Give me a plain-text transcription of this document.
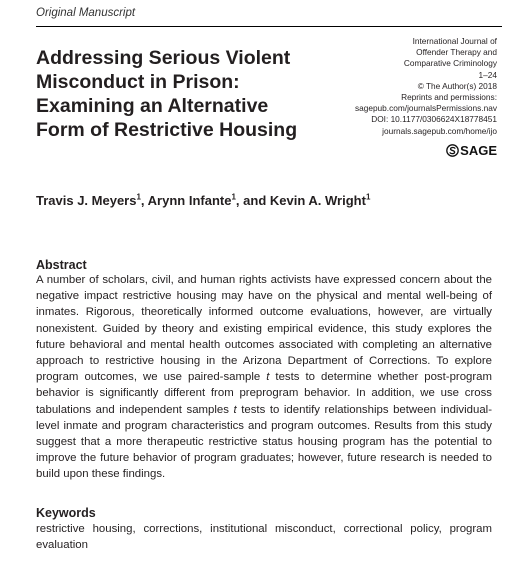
Original Manuscript
Addressing Serious Violent
Misconduct in Prison:
Examining an Alternative
Form of Restrictive Housing
International Journal of
Offender Therapy and
Comparative Criminology
1–24
© The Author(s) 2018
Reprints and permissions:
sagepub.com/journalsPermissions.nav
DOI: 10.1177/0306624X18778451
journals.sagepub.com/home/ijo
SAGE
Travis J. Meyers$^1$, Arynn Infante$^1$, and Kevin A. Wright$^1$
Abstract
A number of scholars, civil, and human rights activists have expressed concern about the negative impact restrictive housing may have on the physical and mental well-being of inmates. Rigorous, theoretically informed outcome evaluations, however, are virtually nonexistent. Guided by theory and existing empirical evidence, this study explores the future behavioral and mental health outcomes associated with completing an alternative approach to restrictive housing in the Arizona Department of Corrections. To explore program outcomes, we use paired-sample t tests to determine whether post-program behavior is significantly different from preprogram behavior. In addition, we use cross tabulations and independent samples t tests to identify relationships between individual-level inmate and program characteristics and program outcomes. Results from this study suggest that a more therapeutic restrictive status housing program has the potential to improve the future behavior of program graduates; however, future research is needed to build upon these findings.
Keywords
restrictive housing, corrections, institutional misconduct, correctional policy, program evaluation
